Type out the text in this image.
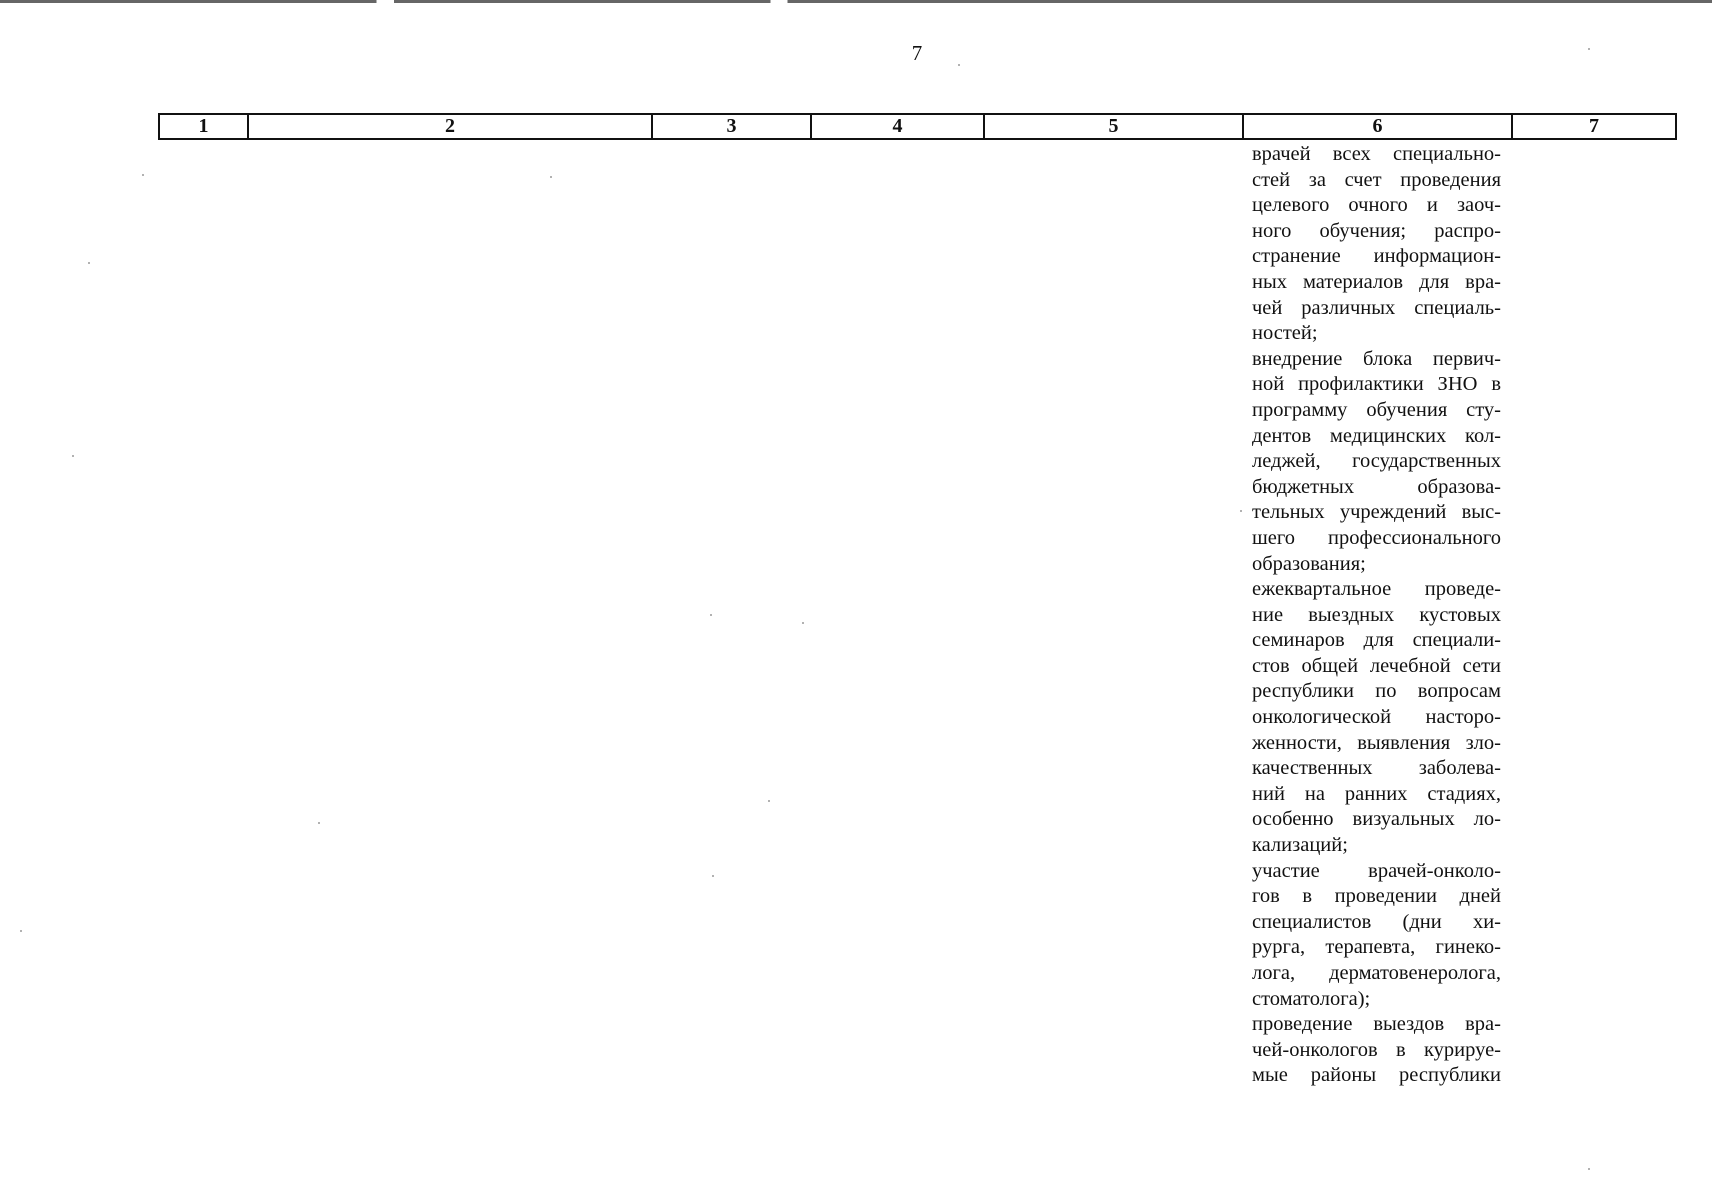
7
1	2	3	4	5	6	7
врачей всех специально-
стей за счет проведения
целевого очного и заоч-
ного обучения; распро-
странение информацион-
ных материалов для вра-
чей различных специаль-
ностей;
внедрение блока первич-
ной профилактики ЗНО в
программу обучения сту-
дентов медицинских кол-
леджей, государственных
бюджетных образова-
тельных учреждений выс-
шего профессионального
образования;
ежеквартальное проведе-
ние выездных кустовых
семинаров для специали-
стов общей лечебной сети
республики по вопросам
онкологической насторо-
женности, выявления зло-
качественных заболева-
ний на ранних стадиях,
особенно визуальных ло-
кализаций;
участие врачей-онколо-
гов в проведении дней
специалистов (дни хи-
рурга, терапевта, гинеко-
лога, дерматовенеролога,
стоматолога);
проведение выездов вра-
чей-онкологов в курируе-
мые районы республики
